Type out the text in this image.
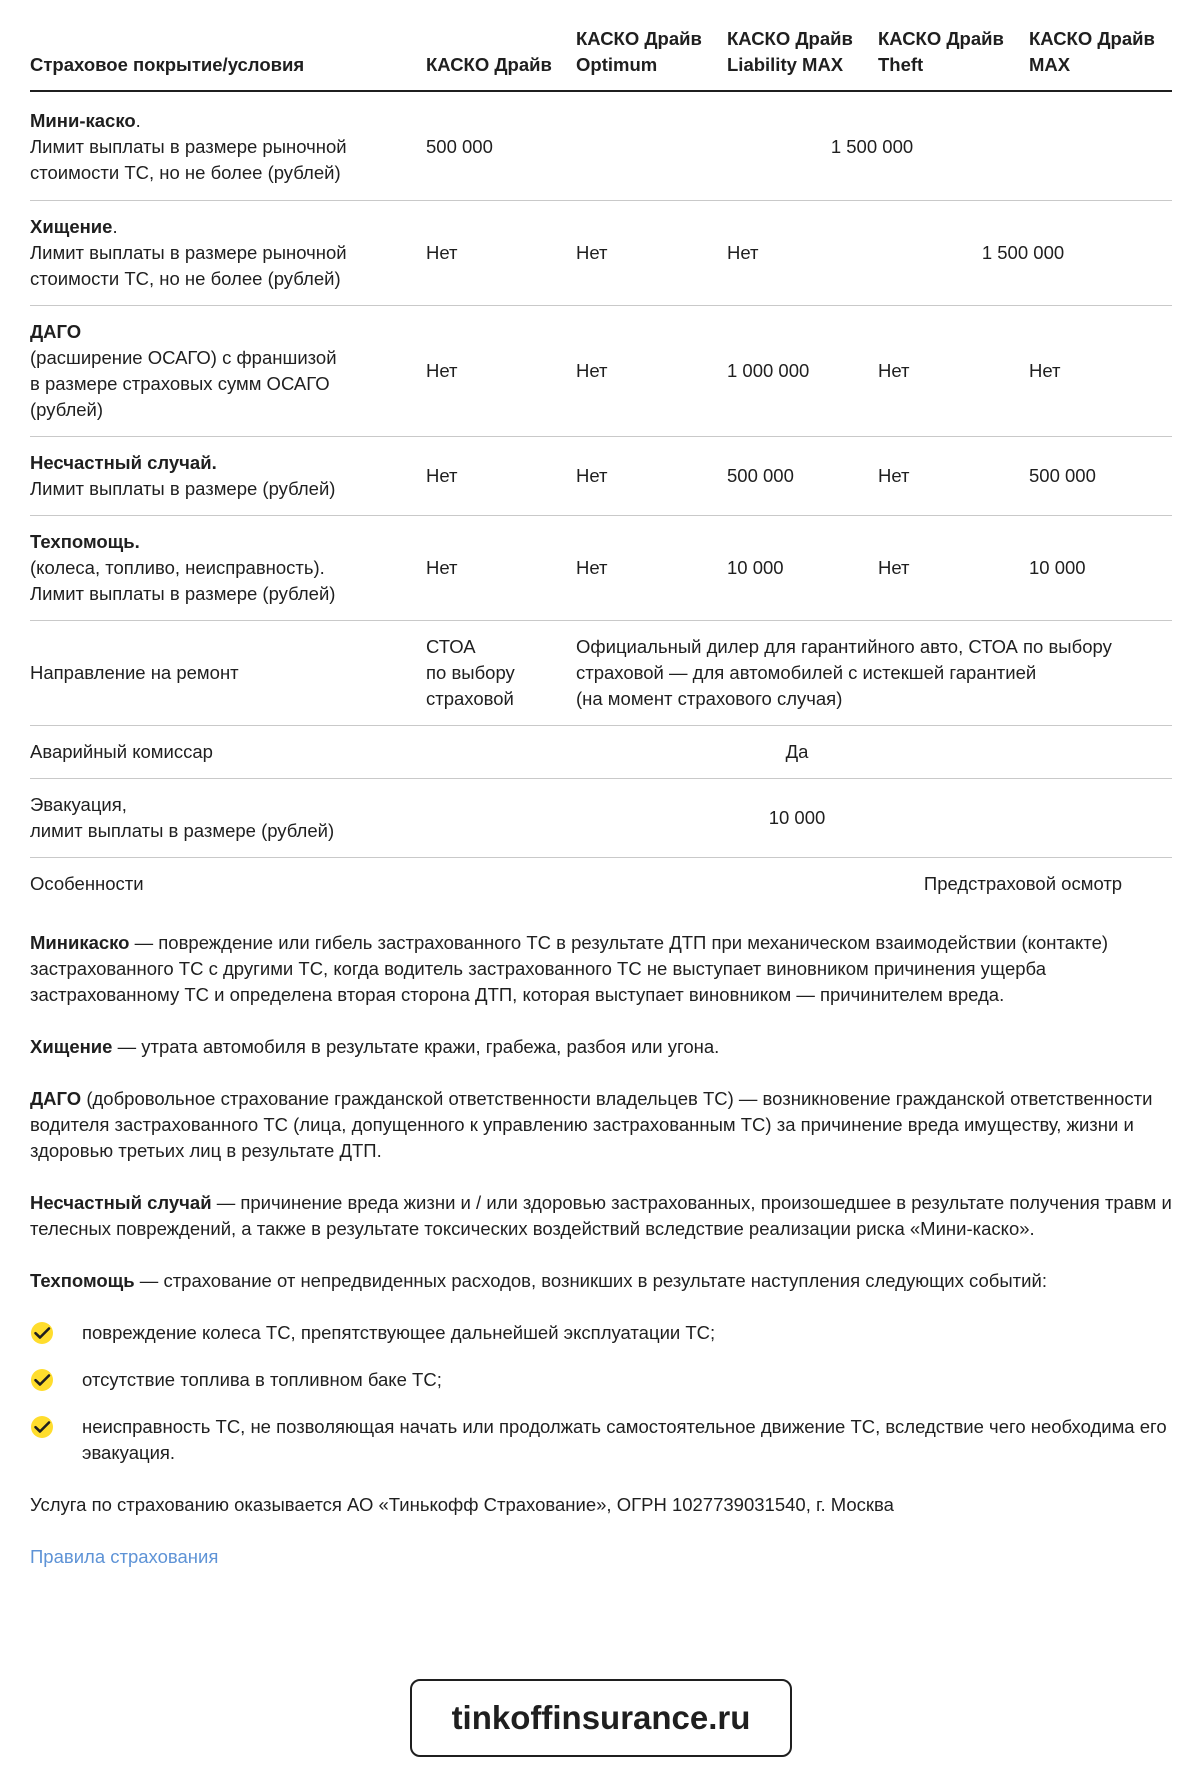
Страховое покрытие/условия	КАСКО Драйв	КАСКО Драйв Optimum	КАСКО Драйв Liability MAX	КАСКО Драйв Theft	КАСКО Драйв MAX
Мини-каско.
Лимит выплаты в размере рыночной
стоимости ТС, но не более (рублей)	500 000	1 500 000			
Хищение.
Лимит выплаты в размере рыночной
стоимости ТС, но не более (рублей)	Нет	Нет	Нет	1 500 000	
ДАГО
(расширение ОСАГО) с франшизой
в размере страховых сумм ОСАГО
(рублей)	Нет	Нет	1 000 000	Нет	Нет
Несчастный случай.
Лимит выплаты в размере (рублей)	Нет	Нет	500 000	Нет	500 000
Техпомощь.
(колеса, топливо, неисправность).
Лимит выплаты в размере (рублей)	Нет	Нет	10 000	Нет	10 000
Направление на ремонт	СТОА
по выбору
страховой	Официальный дилер для гарантийного авто, СТОА по выбору
страховой — для автомобилей с истекшей гарантией
(на момент страхового случая)			
Аварийный комиссар	Да				
Эвакуация,
лимит выплаты в размере (рублей)	10 000				
Особенности				Предстраховой осмотр	

Миникаско — повреждение или гибель застрахованного ТС в результате ДТП при механическом взаимодействии (контакте) застрахованного ТС с другими ТС, когда водитель застрахованного ТС не выступает виновником причинения ущерба застрахованному ТС и определена вторая сторона ДТП, которая выступает виновником — причинителем вреда.

Хищение — утрата автомобиля в результате кражи, грабежа, разбоя или угона.

ДАГО (добровольное страхование гражданской ответственности владельцев ТС) — возникновение гражданской ответственности водителя застрахованного ТС (лица, допущенного к управлению застрахованным ТС) за причинение вреда имуществу, жизни и здоровью третьих лиц в результате ДТП.

Несчастный случай — причинение вреда жизни и / или здоровью застрахованных, произошедшее в результате получения травм и телесных повреждений, а также в результате токсических воздействий вследствие реализации риска «Мини-каско».

Техпомощь — страхование от непредвиденных расходов, возникших в результате наступления следующих событий:

повреждение колеса ТС, препятствующее дальнейшей эксплуатации ТС;
отсутствие топлива в топливном баке ТС;
неисправность ТС, не позволяющая начать или продолжать самостоятельное движение ТС, вследствие чего необходима его эвакуация.

Услуга по страхованию оказывается АО «Тинькофф Страхование», ОГРН 1027739031540, г. Москва

Правила страхования
tinkoffinsurance.ru
